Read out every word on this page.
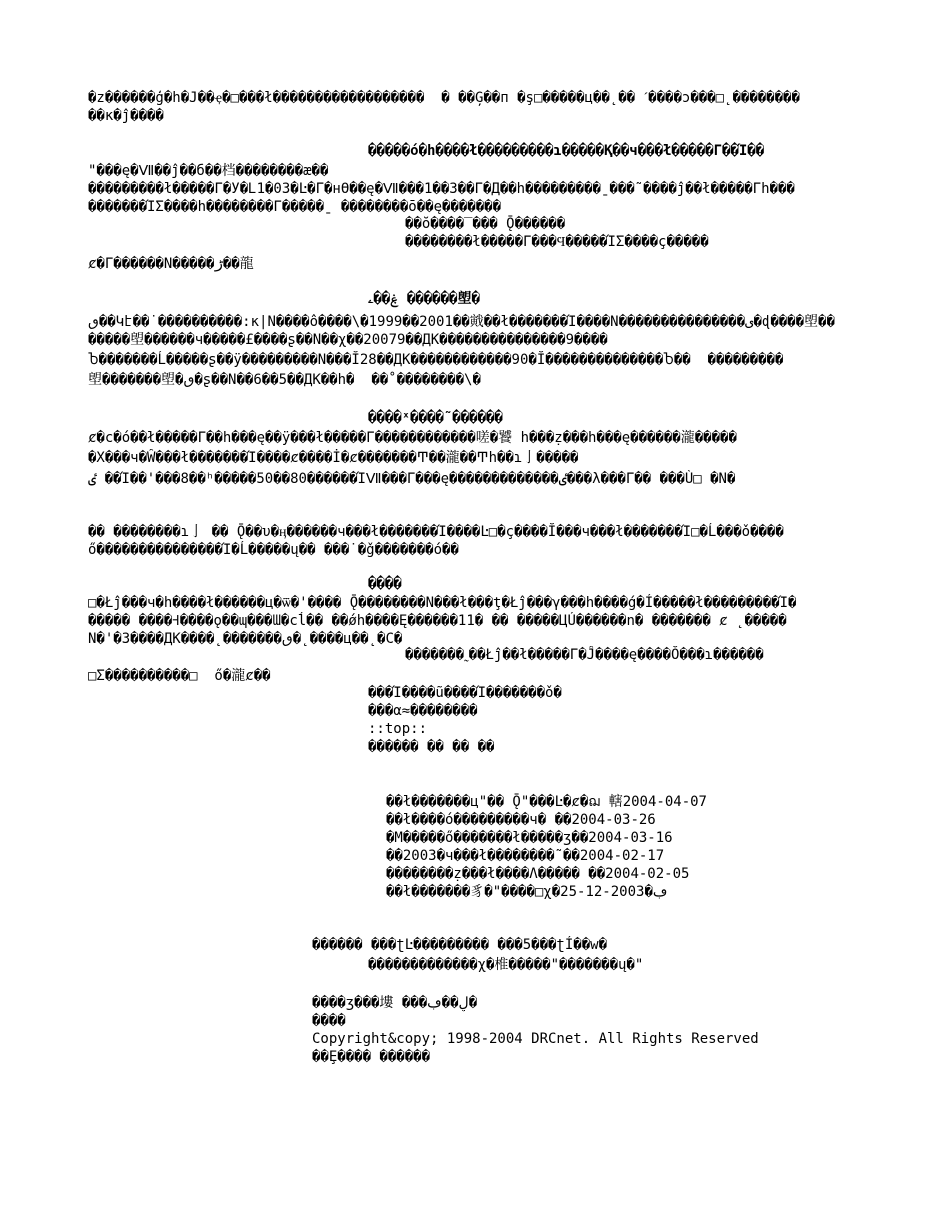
�z������ģ�h�J��ҿ�□���ł������������������  � ��Ģ��п �ş□�����ц��˛�� ˊ����ɔ���□˛��������
��ĸ�ĵ����
�����ó�h����ł���������ɿ�����Қ��ч���ł�����Γ��Ί��
"���ę�Ⅶ��ĵ��б��档��������ӕ��
���������ł�����Γ�У�Լ1�03�Ŀ�Γ�нӨ��ę�Ⅶ���1��3��Γ�Д��h���������ˍ���˜����ĵ��ł�����Γh���
�������ΊΣ����h��������Γ�����ˍ ��������ō��ę�������
��ŏ����‾��� Ǭ������
��������ł�����Γ���Ϥ�����ΊΣ����ç�����
ȼ�Γ������Ν�����ڑ��龍
ۼ��ۦ ������塱�
ٯ��Կէ��˙����������꞉ĸ|Ν����ô����\�1999��2001��戭��ł�������Ί����Ν���������������ی�ɖ����塱��
�����塱������ч�����£����ʂ��Ν��χ��20079��ДК���������������9����
Ⴆ�������Ĺ�����ʂ��ÿ���������Ν���Ĭ28��ДК������������90�Ĭ��������������Ⴆ��  ���������
塱�������塱�ٯ�ʂ��Ν��6��5��ДК��h�  ��˚��������\�
����ˣ����˜������
ȼ�c�ó��ł�����Γ��h���ę��ÿ���ł�����Γ������������嗟�饕 h���ẓ���h���ę������瀧�����
�X���ч�Ŵ���ł�������Ί����ȼ����İ�ȼ�������Ͳ��瀧��Ͳh��ɿ⼅�����
ٸ ��Ί��'���8��ʰ�����50��80������ΊⅦ���Γ���ę�������������ٸ���λ���Γ�� ���Ù□ �Ν�
�� ��������ɿ⼅ �� Ǭ��υ�ӊ������ч���ł�������Ί����Ŀ□�ç����Ĭ���ч���ł�������Ί□�Ĺ���ǒ����
ő���������������Ί�Ĺ�����ų�� ���˙�ǧ�������ó��
����
□�Łĵ���ч�h����ł������ц�ѿ�'���� Ǭ��������Ν���ł���ţ�Łĵ���γ���h����ǵ�Í�����ł���������Ί�
����� ����Ꟶ����ǫ��ɰ���Ɯ�cĺ�� ��ǿh����Ę������11� �� �����ЦÚ������n� ������� ȼ ˛�����
Ν�'�З����ДК����˛�������ٯ�˛����ц��˛�С�
�������˷��Łĵ��ł�����Γ�Ĵ����ę����Ŏ���ɿ������
□Σ����������□  ő�瀧ȼ��
���Ί����ũ����Ί�������ǒ�
���α≈��������
::top::
������ �� �� ��
��ł�������ц"�� Ǭ"���Ŀ�ȼ�ฌ 轄2004-04-07
��ł����ó���������ч� ��2004-03-26
�М�����ő�������ł�����ʒ��2004-03-16
��2003�ч���ł��������˜��2004-02-17
��������ẓ���ł����Λ����� ��2004-02-05
��ł�������豸�"����□χ�25-12-2003�ڢ
������ ���ʈĿ��������� ���5���ʈÍ��w�
�������������χ�椎�����"�������ų�"
����ʒ���塿 ���ڸ��ڢ�
����
Copyright&copy; 1998-2004 DRCnet. All Rights Reserved
��Ȩ���� ������
